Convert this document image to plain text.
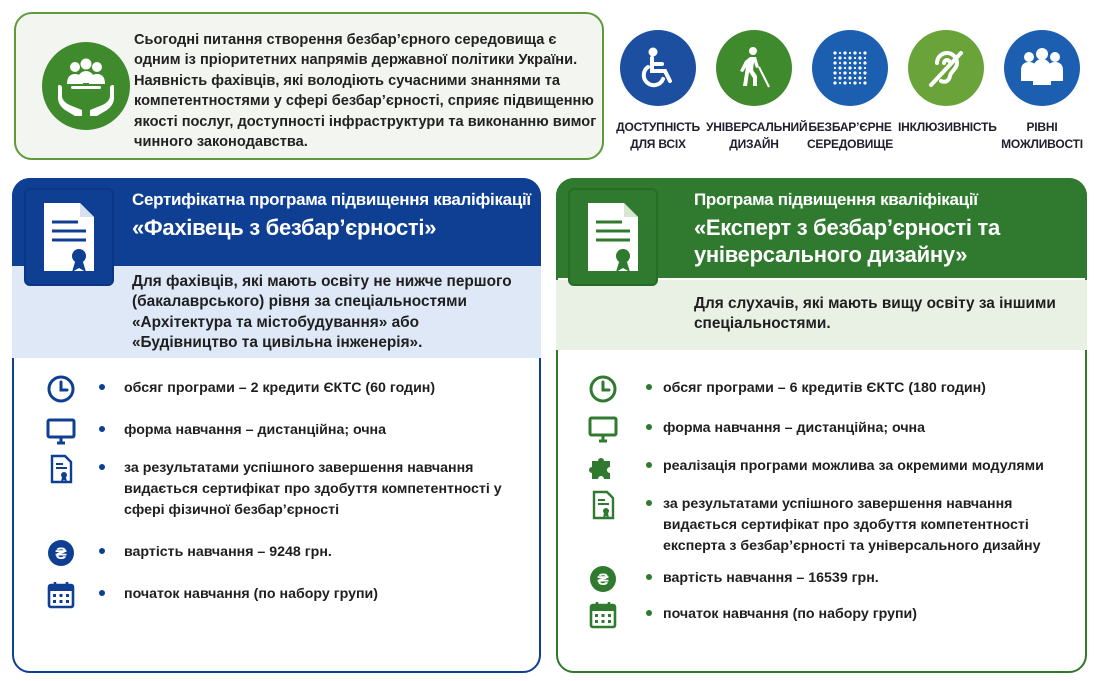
Сьогодні питання створення безбар’єрного середовища є одним із пріоритетних напрямів державної політики України. Наявність фахівців, які володіють сучасними знаннями та компетентностями у сфері безбар’єрності, сприяє підвищенню якості послуг, доступності інфраструктури та виконанню вимог чинного законодавства.
ДОСТУПНІСТЬ ДЛЯ ВСІХ
УНІВЕРСАЛЬНИЙ ДИЗАЙН
БЕЗБАР’ЄРНЕ СЕРЕДОВИЩЕ
ІНКЛЮЗИВНІСТЬ	РІВНІ МОЖЛИВОСТІ
Сертифікатна програма підвищення кваліфікації
«Фахівець з безбар’єрності»
Для фахівців, які мають освіту не нижче першого (бакалаврського) рівня за спеціальностями «Архітектура та містобудування» або «Будівництво та цивільна інженерія».
обсяг програми – 2 кредити ЄКТС (60 годин)
форма навчання – дистанційна; очна
за результатами успішного завершення навчання видається сертифікат про здобуття компетентності у сфері фізичної безбар’єрності
₴	вартість навчання – 9248 грн.
початок навчання (по набору групи)
Програма підвищення кваліфікації
«Експерт з безбар’єрності та універсального дизайну»
Для слухачів, які мають вищу освіту за іншими спеціальностями.
обсяг програми – 6 кредитів ЄКТС (180 годин)
форма навчання – дистанційна; очна
реалізація програми можлива за окремими модулями
за результатами успішного завершення навчання видається сертифікат про здобуття компетентності експерта з безбар’єрності та універсального дизайну
₴	вартість навчання – 16539 грн.
початок навчання (по набору групи)
